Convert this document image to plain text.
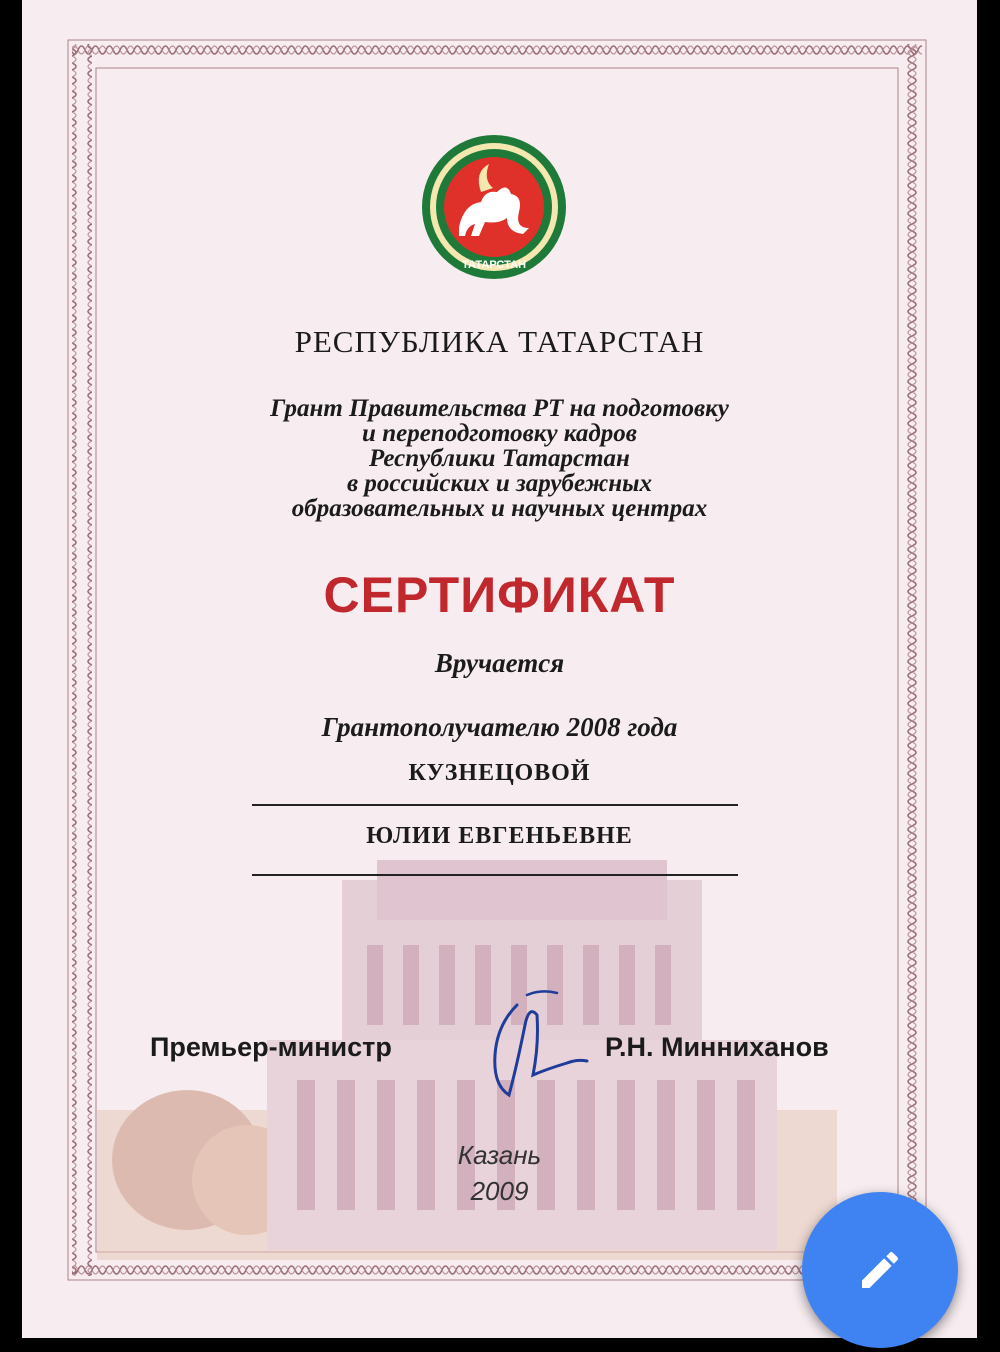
ТАТАРСТАН
РЕСПУБЛИКА ТАТАРСТАН
Грант Правительства РТ на подготовку
и переподготовку кадров
Республики Татарстан
в российских и зарубежных
образовательных и научных центрах
СЕРТИФИКАТ
Вручается
Грантополучателю 2008 года
КУЗНЕЦОВОЙ
ЮЛИИ ЕВГЕНЬЕВНЕ
Премьер-министр	Р.Н. Минниханов
Казань
2009
